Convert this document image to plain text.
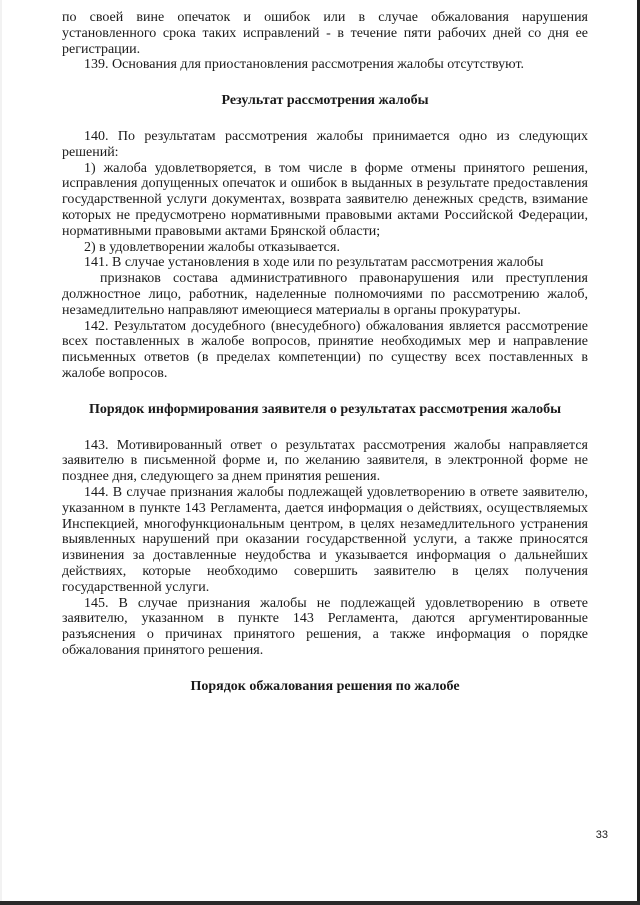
по своей вине опечаток и ошибок или в случае обжалования нарушения установленного срока таких исправлений - в течение пяти рабочих дней со дня ее регистрации.

139. Основания для приостановления рассмотрения жалобы отсутствуют.

Результат рассмотрения жалобы

140. По результатам рассмотрения жалобы принимается одно из следующих решений:

1) жалоба удовлетворяется, в том числе в форме отмены принятого решения, исправления допущенных опечаток и ошибок в выданных в результате предоставления государственной услуги документах, возврата заявителю денежных средств, взимание которых не предусмотрено нормативными правовыми актами Российской Федерации, нормативными правовыми актами Брянской области;

2) в удовлетворении жалобы отказывается.

141. В случае установления в ходе или по результатам рассмотрения жалобы

признаков состава административного правонарушения или преступления должностное лицо, работник, наделенные полномочиями по рассмотрению жалоб, незамедлительно направляют имеющиеся материалы в органы прокуратуры.

142. Результатом досудебного (внесудебного) обжалования является рассмотрение всех поставленных в жалобе вопросов, принятие необходимых мер и направление письменных ответов (в пределах компетенции) по существу всех поставленных в жалобе вопросов.

Порядок информирования заявителя о результатах рассмотрения жалобы

143. Мотивированный ответ о результатах рассмотрения жалобы направляется заявителю в письменной форме и, по желанию заявителя, в электронной форме не позднее дня, следующего за днем принятия решения.

144. В случае признания жалобы подлежащей удовлетворению в ответе заявителю, указанном в пункте 143 Регламента, дается информация о действиях, осуществляемых Инспекцией, многофункциональным центром, в целях незамедлительного устранения выявленных нарушений при оказании государственной услуги, а также приносятся извинения за доставленные неудобства и указывается информация о дальнейших действиях, которые необходимо совершить заявителю в целях получения государственной услуги.

145. В случае признания жалобы не подлежащей удовлетворению в ответе заявителю, указанном в пункте 143 Регламента, даются аргументированные разъяснения о причинах принятого решения, а также информация о порядке обжалования принятого решения.

Порядок обжалования решения по жалобе

33
